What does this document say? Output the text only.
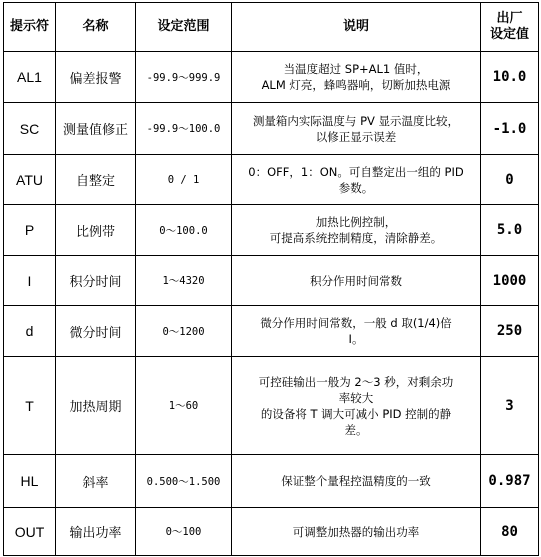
提示符	名称	设定范围	说明	出厂
设定值
AL1	偏差报警	-99.9～999.9	当温度超过 SP+AL1 值时，
ALM 灯亮，蜂鸣器响，切断加热电源	10.0
SC	测量值修正	-99.9～100.0	测量箱内实际温度与 PV 显示温度比较，
以修正显示误差	-1.0
ATU	自整定	0 / 1	0：OFF，1：ON。可自整定出一组的 PID
参数。	0
P	比例带	0～100.0	加热比例控制，
可提高系统控制精度，清除静差。	5.0
I	积分时间	1～4320	积分作用时间常数	1000
d	微分时间	0～1200	微分作用时间常数，一般 d 取(1/4)倍
I。	250
T	加热周期	1～60	可控硅输出一般为 2～3 秒，对剩余功
率较大
的设备将 T 调大可减小 PID 控制的静
差。	3
HL	斜率	0.500～1.500	保证整个量程控温精度的一致	0.987
OUT	输出功率	0～100	可调整加热器的输出功率	80
